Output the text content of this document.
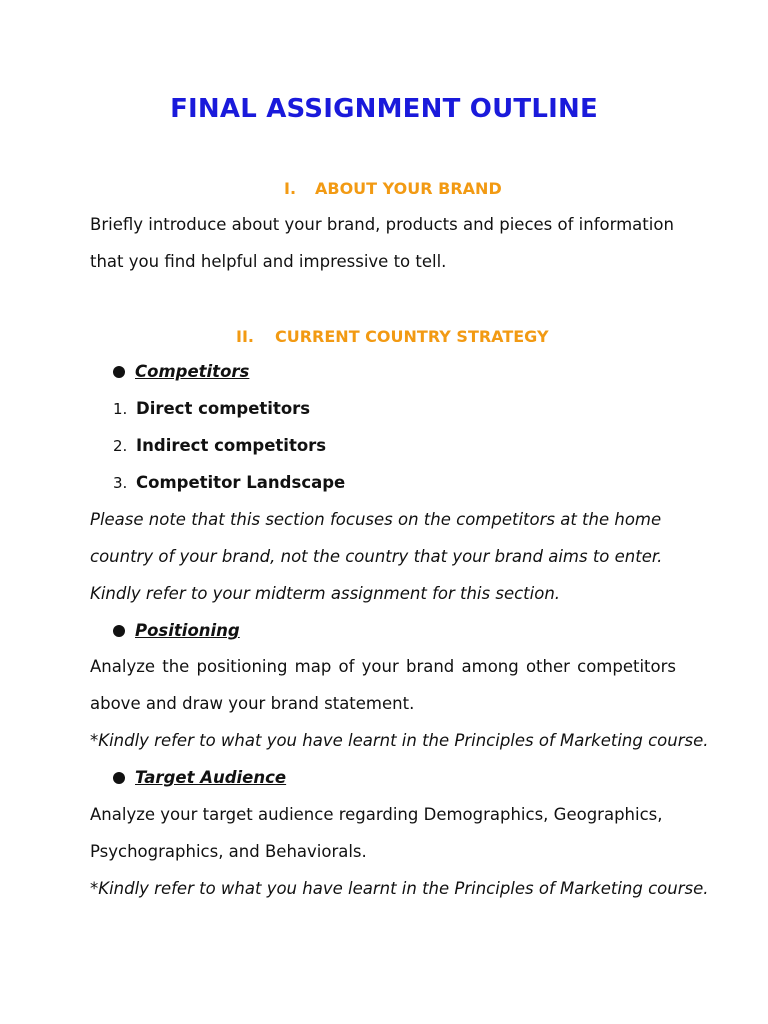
FINAL ASSIGNMENT OUTLINE
I. ABOUT YOUR BRAND
Briefly introduce about your brand, products and pieces of information
that you find helpful and impressive to tell.
II. CURRENT COUNTRY STRATEGY
Competitors
1. Direct competitors
2. Indirect competitors
3. Competitor Landscape
Please note that this section focuses on the competitors at the home
country of your brand, not the country that your brand aims to enter.
Kindly refer to your midterm assignment for this section.
Positioning
Analyze the positioning map of your brand among other competitors
above and draw your brand statement.
*Kindly refer to what you have learnt in the Principles of Marketing course.
Target Audience
Analyze your target audience regarding Demographics, Geographics,
Psychographics, and Behaviorals.
*Kindly refer to what you have learnt in the Principles of Marketing course.
